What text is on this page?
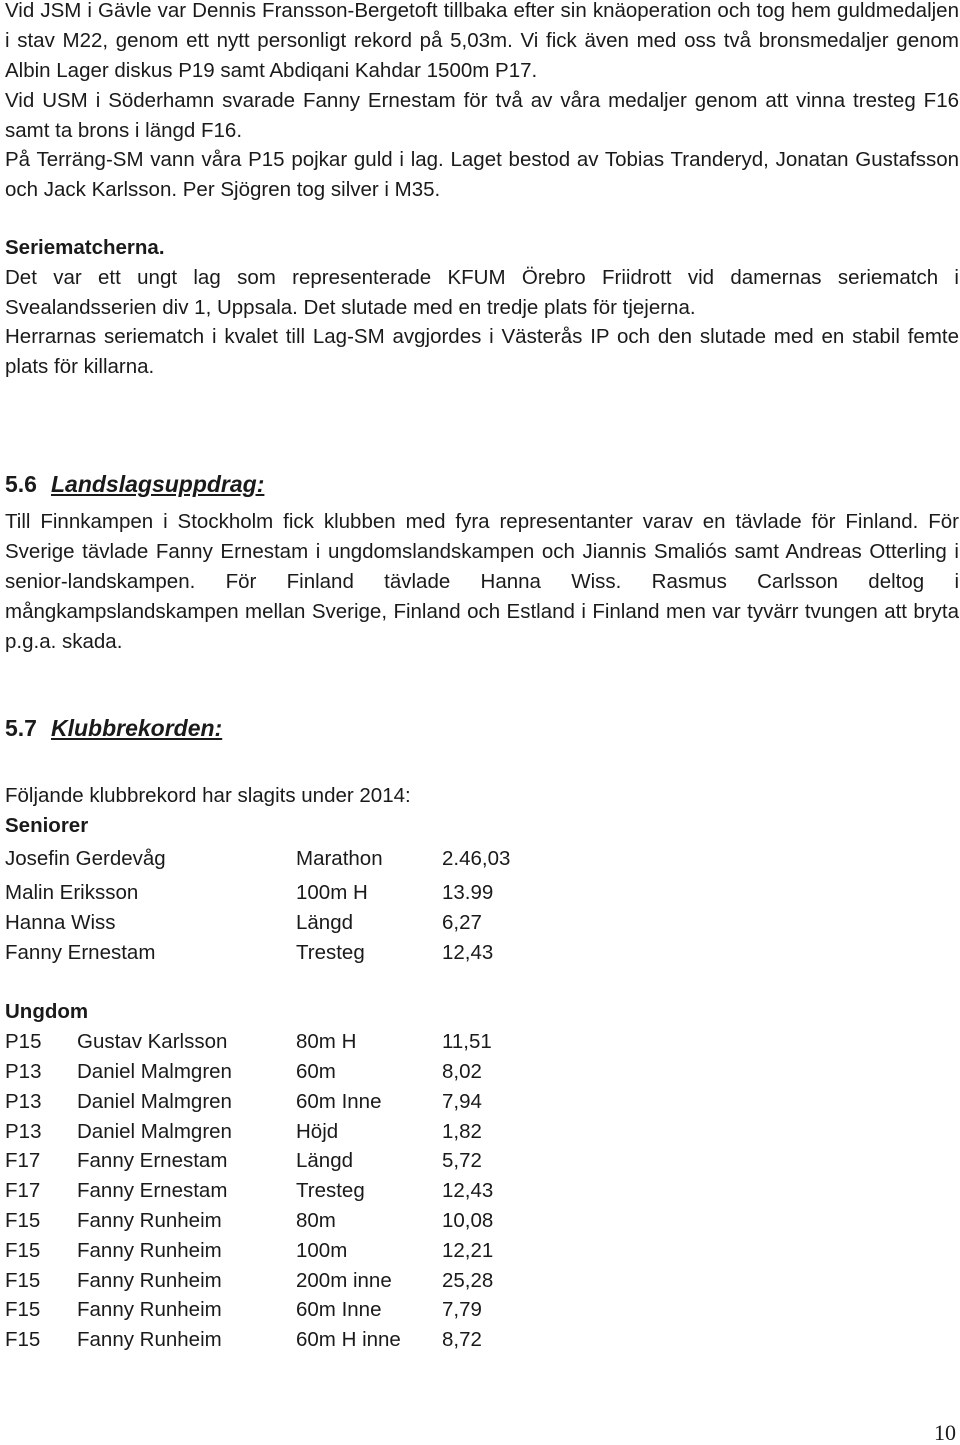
Vid JSM i Gävle var Dennis Fransson-Bergetoft tillbaka efter sin knäoperation och tog hem guldmedaljen i stav M22, genom ett nytt personligt rekord på 5,03m. Vi fick även med oss två bronsmedaljer genom Albin Lager diskus P19 samt Abdiqani Kahdar 1500m P17.

Vid USM i Söderhamn svarade Fanny Ernestam för två av våra medaljer genom att vinna tresteg F16 samt ta brons i längd F16.

På Terräng-SM vann våra P15 pojkar guld i lag. Laget bestod av Tobias Tranderyd, Jonatan Gustafsson och Jack Karlsson. Per Sjögren tog silver i M35.

Seriematcherna.

Det var ett ungt lag som representerade KFUM Örebro Friidrott vid damernas seriematch i Svealandsserien div 1, Uppsala. Det slutade med en tredje plats för tjejerna.

Herrarnas seriematch i kvalet till Lag-SM avgjordes i Västerås IP och den slutade med en stabil femte plats för killarna.

5.6 Landslagsuppdrag:

Till Finnkampen i Stockholm fick klubben med fyra representanter varav en tävlade för Finland. För Sverige tävlade Fanny Ernestam i ungdomslandskampen och Jiannis Smaliós samt Andreas Otterling i senior-landskampen. För Finland tävlade Hanna Wiss. Rasmus Carlsson deltog i mångkampslandskampen mellan Sverige, Finland och Estland i Finland men var tyvärr tvungen att bryta p.g.a. skada.

5.7 Klubbrekorden:

Följande klubbrekord har slagits under 2014:

Seniorer

Josefin Gerdevåg	Marathon	2.46,03
Malin Eriksson	100m H	13.99
Hanna Wiss	Längd	6,27
Fanny Ernestam	Tresteg	12,43

Ungdom

P15 Gustav Karlsson	80m H	11,51
P13 Daniel Malmgren	60m	8,02
P13 Daniel Malmgren	60m Inne	7,94
P13 Daniel Malmgren	Höjd	1,82
F17 Fanny Ernestam	Längd	5,72
F17 Fanny Ernestam	Tresteg	12,43
F15 Fanny Runheim	80m	10,08
F15 Fanny Runheim	100m	12,21
F15 Fanny Runheim	200m inne 25,28
F15 Fanny Runheim	60m Inne	7,79
F15 Fanny Runheim	60m H inne 8,72
10
